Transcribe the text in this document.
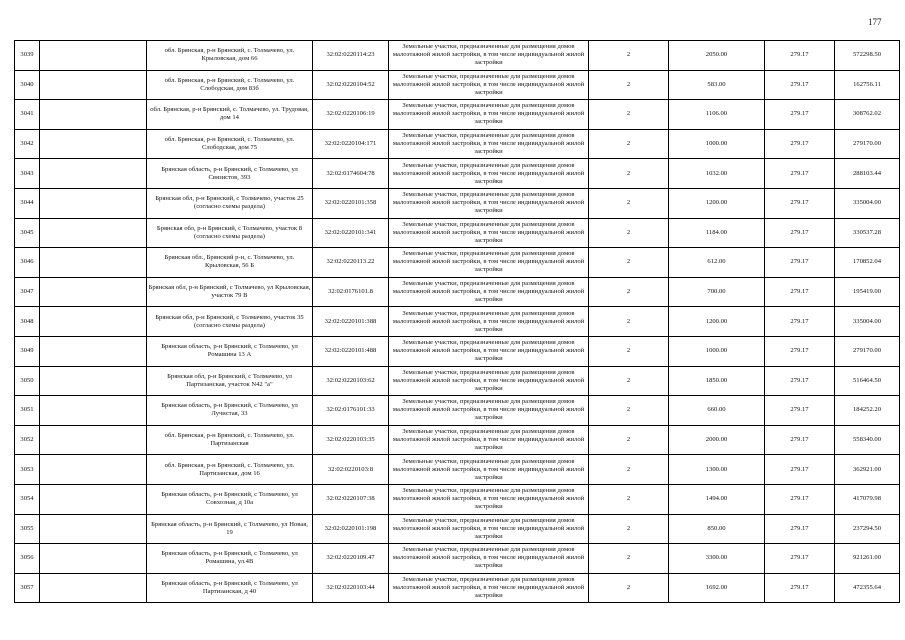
177
3039		обл. Брянская, р-н Брянский, с. Толмачево, ул. Крыловская, дом 66	32:02:0220114:23	Земельные участки, предназначенные для размещения домов малоэтажной жилой застройки, в том числе индивидуальной жилой застройки	2	2050.00	279.17	572298.50
3040		обл. Брянская, р-н Брянский, с. Толмачево, ул. Слободская, дом 83б	32:02:0220104:52	Земельные участки, предназначенные для размещения домов малоэтажной жилой застройки, в том числе индивидуальной жилой застройки	2	583.00	279.17	162756.11
3041		обл. Брянская, р-н Брянский, с. Толмачево, ул. Трудовая, дом 14	32:02:0220106:19	Земельные участки, предназначенные для размещения домов малоэтажной жилой застройки, в том числе индивидуальной жилой застройки	2	1106.00	279.17	308762.02
3042		обл. Брянская, р-н Брянский, с. Толмачево, ул. Слободская, дом 75	32:02:0220104:171	Земельные участки, предназначенные для размещения домов малоэтажной жилой застройки, в том числе индивидуальной жилой застройки	2	1000.00	279.17	279170.00
3043		Брянская область, р-н Брянский, с Толмачево, ул Связистов, 393	32:02:0174604:78	Земельные участки, предназначенные для размещения домов малоэтажной жилой застройки, в том числе индивидуальной жилой застройки	2	1032.00	279.17	288103.44
3044		Брянская обл, р-н Брянский, с Толмачево, участок 25 (согласно схемы раздела)	32:02:0220101:358	Земельные участки, предназначенные для размещения домов малоэтажной жилой застройки, в том числе индивидуальной жилой застройки	2	1200.00	279.17	335004.00
3045		Брянская обл, р-н Брянский, с Толмачево, участок 8 (согласно схемы раздела)	32:02:0220101:341	Земельные участки, предназначенные для размещения домов малоэтажной жилой застройки, в том числе индивидуальной жилой застройки	2	1184.00	279.17	330537.28
3046		Брянская обл., Брянский р-н, с. Толмачево, ул. Крыловская, 56 Б	32:02:0220113.22	Земельные участки, предназначенные для размещения домов малоэтажной жилой застройки, в том числе индивидуальной жилой застройки	2	612.00	279.17	170852.04
3047		Брянская обл, р-н Брянский, с Толмачево, ул Крыловская, участок 79 В	32:02:0176101.8	Земельные участки, предназначенные для размещения домов малоэтажной жилой застройки, в том числе индивидуальной жилой застройки	2	700.00	279.17	195419.00
3048		Брянская обл, р-н Брянский, с Толмачево, участок 35 (согласно схемы раздела)	32:02:0220101:388	Земельные участки, предназначенные для размещения домов малоэтажной жилой застройки, в том числе индивидуальной жилой застройки	2	1200.00	279.17	335004.00
3049		Брянская область, р-н Брянский, с Толмачево, ул Ромашина 13 А	32:02:0220101:488	Земельные участки, предназначенные для размещения домов малоэтажной жилой застройки, в том числе индивидуальной жилой застройки	2	1000.00	279.17	279170.00
3050		Брянская обл, р-н Брянский, с Толмачево, ул Партизанская, участок N42 "а"	32:02:0220103:62	Земельные участки, предназначенные для размещения домов малоэтажной жилой застройки, в том числе индивидуальной жилой застройки	2	1850.00	279.17	516464.50
3051		Брянская область, р-н Брянский, с Толмачево, ул Лучистая, 33	32:02:0176101:33	Земельные участки, предназначенные для размещения домов малоэтажной жилой застройки, в том числе индивидуальной жилой застройки	2	660.00	279.17	184252.20
3052		обл. Брянская, р-н Брянский, с. Толмачево, ул. Партизанская	32:02:0220103:35	Земельные участки, предназначенные для размещения домов малоэтажной жилой застройки, в том числе индивидуальной жилой застройки	2	2000.00	279.17	558340.00
3053		обл. Брянская, р-н Брянский, с. Толмачево, ул. Партизанская, дом 16	32:02:0220103:8	Земельные участки, предназначенные для размещения домов малоэтажной жилой застройки, в том числе индивидуальной жилой застройки	2	1300.00	279.17	362921.00
3054		Брянская область, р-н Брянский, с Толмачево, ул Совхозная, д 10а	32:02:0220107:38	Земельные участки, предназначенные для размещения домов малоэтажной жилой застройки, в том числе индивидуальной жилой застройки	2	1494.00	279.17	417079.98
3055		Брянская область, р-н Брянский, с Толмачево, ул Новая, 19	32:02:0220101:198	Земельные участки, предназначенные для размещения домов малоэтажной жилой застройки, в том числе индивидуальной жилой застройки	2	850.00	279.17	237294.50
3056		Брянская область, р-н Брянский, с Толмачево, ул Ромашина, ул.4В	32:02:0220109.47	Земельные участки, предназначенные для размещения домов малоэтажной жилой застройки, в том числе индивидуальной жилой застройки	2	3300.00	279.17	921261.00
3057		Брянская область, р-н Брянский, с Толмачево, ул Партизанская, д 40	32:02:0220103:44	Земельные участки, предназначенные для размещения домов малоэтажной жилой застройки, в том числе индивидуальной жилой застройки	2	1692.00	279.17	472355.64
